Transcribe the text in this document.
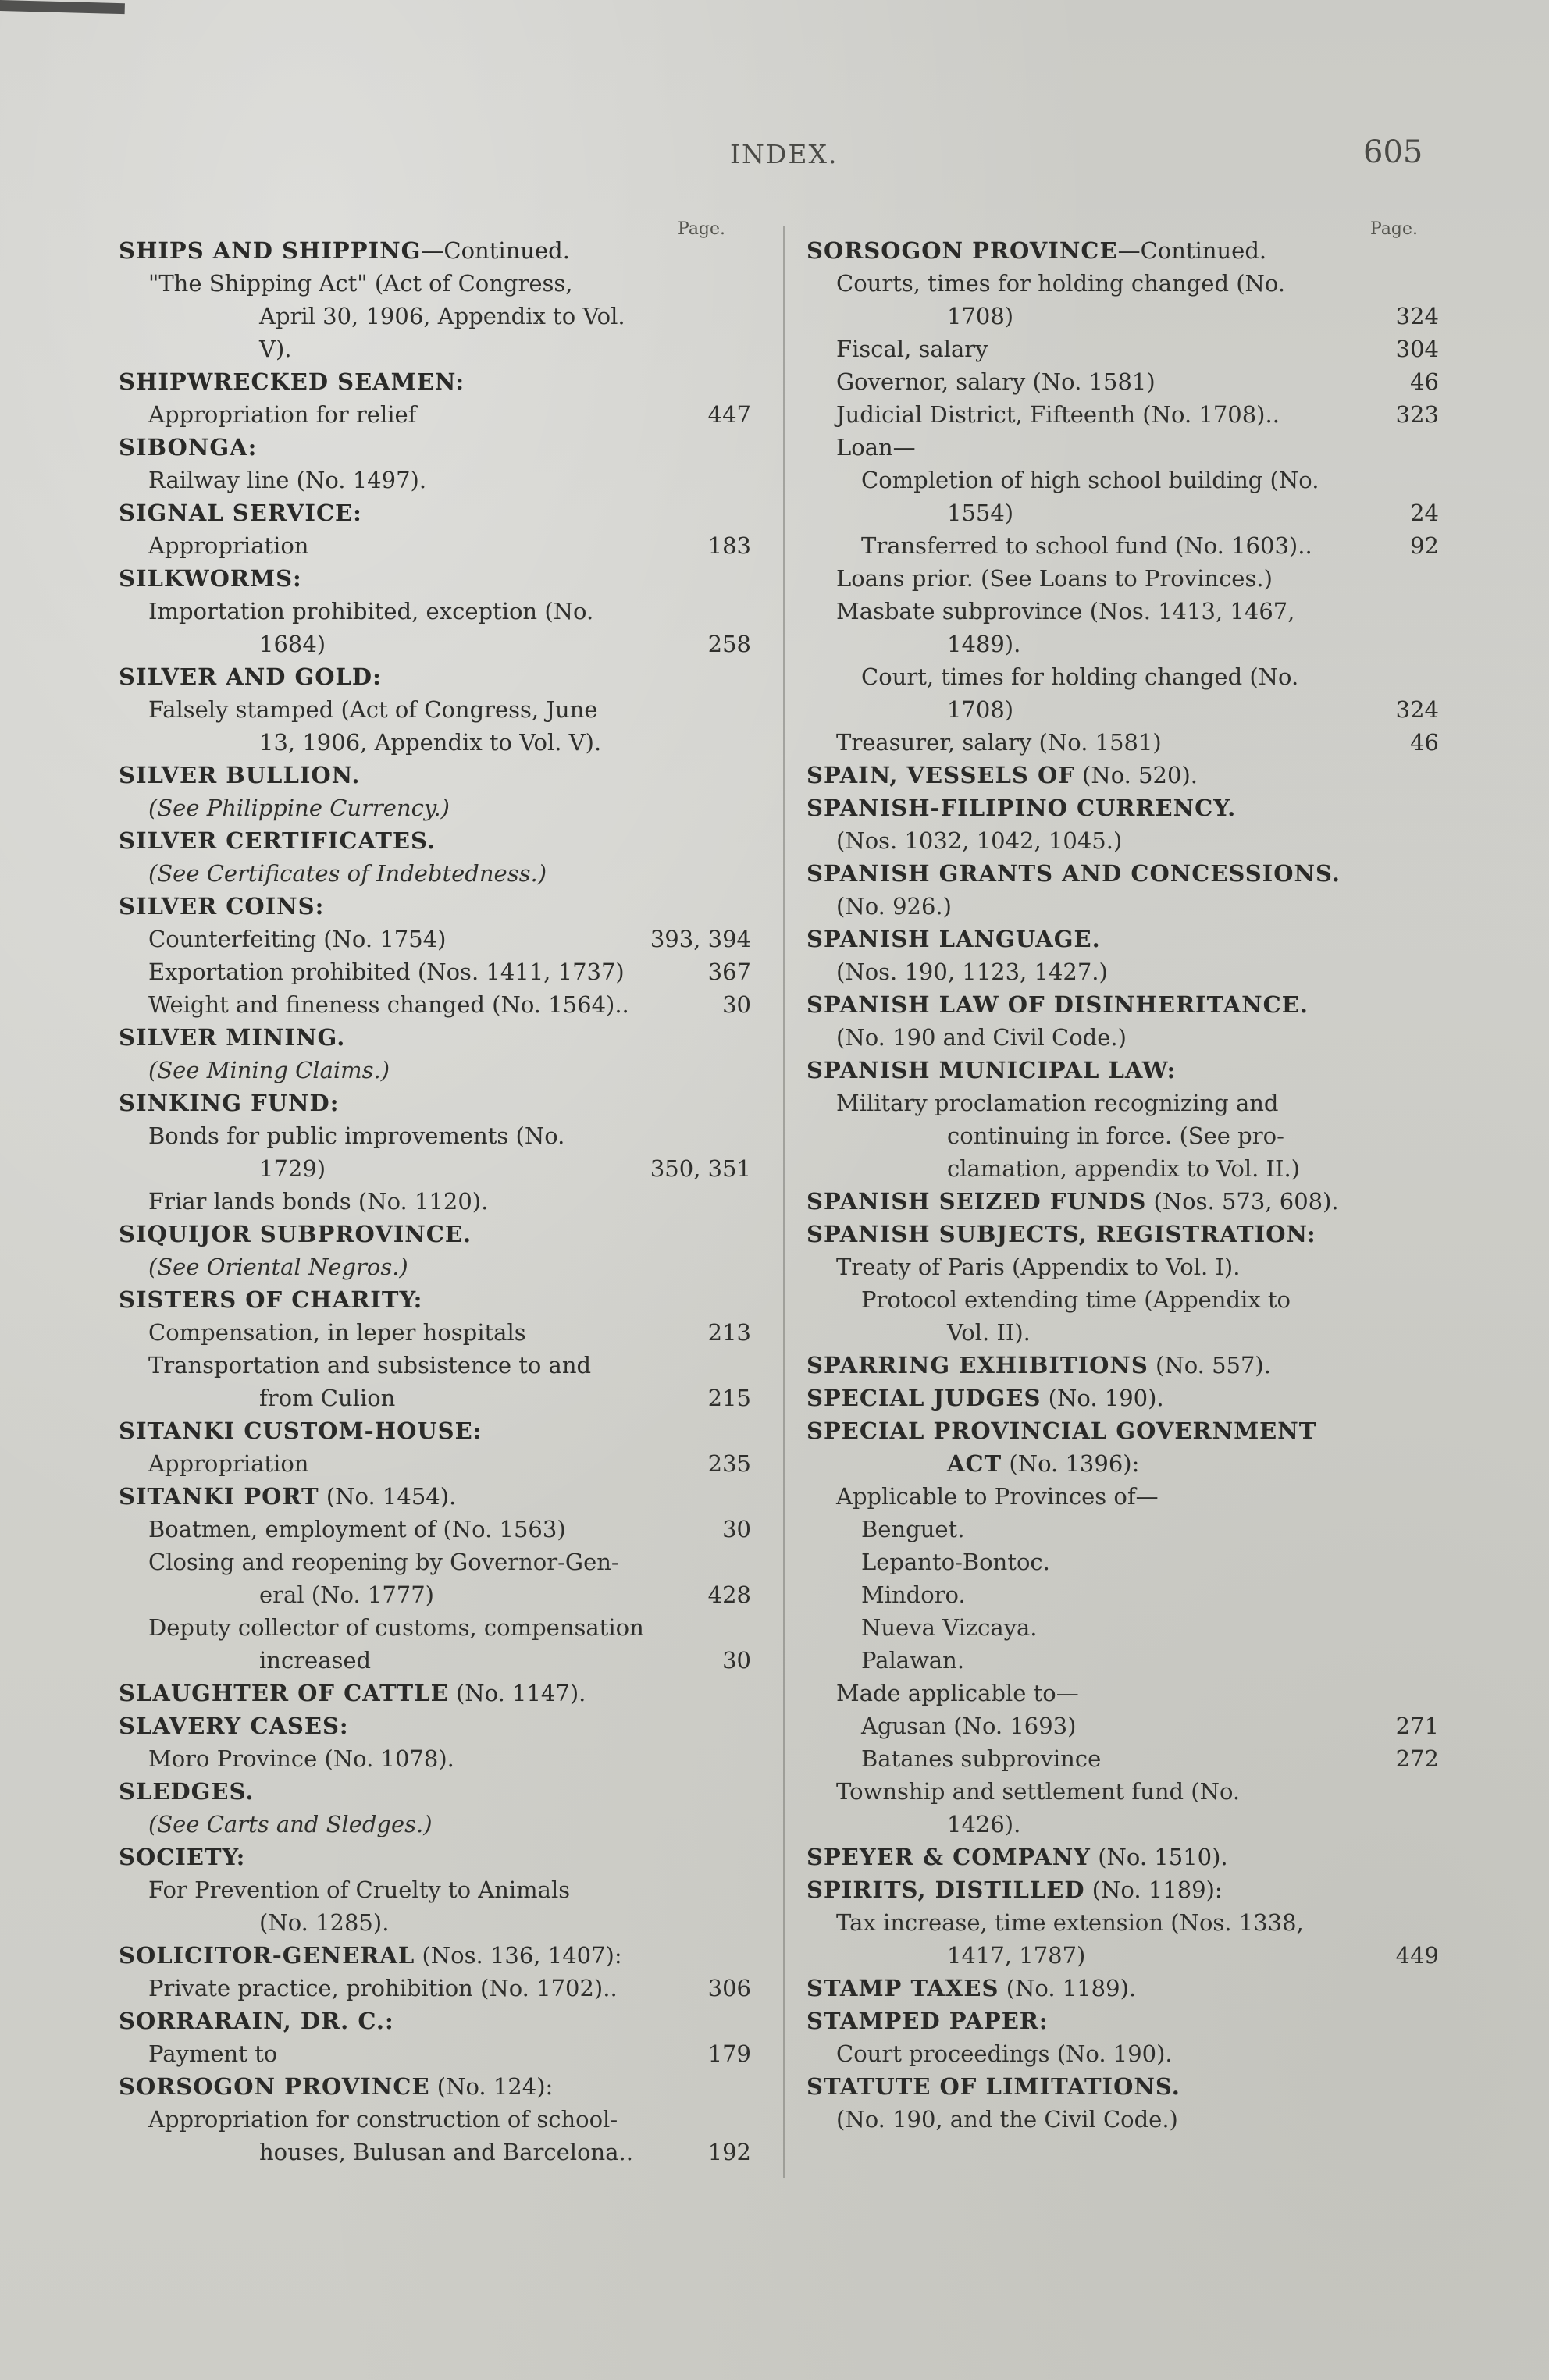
INDEX.	605
Page.	Page.
SHIPS AND SHIPPING—Continued.
"The Shipping Act" (Act of Congress,
April 30, 1906, Appendix to Vol.
V).
SHIPWRECKED SEAMEN:
Appropriation for relief	447
SIBONGA:
Railway line (No. 1497).
SIGNAL SERVICE:
Appropriation	183
SILKWORMS:
Importation prohibited, exception (No.
1684)	258
SILVER AND GOLD:
Falsely stamped (Act of Congress, June
13, 1906, Appendix to Vol. V).
SILVER BULLION.
(See Philippine Currency.)
SILVER CERTIFICATES.
(See Certificates of Indebtedness.)
SILVER COINS:
Counterfeiting (No. 1754)	393, 394
Exportation prohibited (Nos. 1411, 1737)	367
Weight and fineness changed (No. 1564)..	30
SILVER MINING.
(See Mining Claims.)
SINKING FUND:
Bonds for public improvements (No.
1729)	350, 351
Friar lands bonds (No. 1120).
SIQUIJOR SUBPROVINCE.
(See Oriental Negros.)
SISTERS OF CHARITY:
Compensation, in leper hospitals	213
Transportation and subsistence to and
from Culion	215
SITANKI CUSTOM-HOUSE:
Appropriation	235
SITANKI PORT (No. 1454).
Boatmen, employment of (No. 1563)	30
Closing and reopening by Governor-Gen-
eral (No. 1777)	428
Deputy collector of customs, compensation
increased	30
SLAUGHTER OF CATTLE (No. 1147).
SLAVERY CASES:
Moro Province (No. 1078).
SLEDGES.
(See Carts and Sledges.)
SOCIETY:
For Prevention of Cruelty to Animals
(No. 1285).
SOLICITOR-GENERAL (Nos. 136, 1407):
Private practice, prohibition (No. 1702)..	306
SORRARAIN, DR. C.:
Payment to	179
SORSOGON PROVINCE (No. 124):
Appropriation for construction of school-
houses, Bulusan and Barcelona..	192
SORSOGON PROVINCE—Continued.
Courts, times for holding changed (No.
1708)	324
Fiscal, salary	304
Governor, salary (No. 1581)	46
Judicial District, Fifteenth (No. 1708)..	323
Loan—
Completion of high school building (No.
1554)	24
Transferred to school fund (No. 1603)..	92
Loans prior. (See Loans to Provinces.)
Masbate subprovince (Nos. 1413, 1467,
1489).
Court, times for holding changed (No.
1708)	324
Treasurer, salary (No. 1581)	46
SPAIN, VESSELS OF (No. 520).
SPANISH-FILIPINO CURRENCY.
(Nos. 1032, 1042, 1045.)
SPANISH GRANTS AND CONCESSIONS.
(No. 926.)
SPANISH LANGUAGE.
(Nos. 190, 1123, 1427.)
SPANISH LAW OF DISINHERITANCE.
(No. 190 and Civil Code.)
SPANISH MUNICIPAL LAW:
Military proclamation recognizing and
continuing in force. (See pro-
clamation, appendix to Vol. II.)
SPANISH SEIZED FUNDS (Nos. 573, 608).
SPANISH SUBJECTS, REGISTRATION:
Treaty of Paris (Appendix to Vol. I).
Protocol extending time (Appendix to
Vol. II).
SPARRING EXHIBITIONS (No. 557).
SPECIAL JUDGES (No. 190).
SPECIAL PROVINCIAL GOVERNMENT
ACT (No. 1396):
Applicable to Provinces of—
Benguet.
Lepanto-Bontoc.
Mindoro.
Nueva Vizcaya.
Palawan.
Made applicable to—
Agusan (No. 1693)	271
Batanes subprovince	272
Township and settlement fund (No.
1426).
SPEYER & COMPANY (No. 1510).
SPIRITS, DISTILLED (No. 1189):
Tax increase, time extension (Nos. 1338,
1417, 1787)	449
STAMP TAXES (No. 1189).
STAMPED PAPER:
Court proceedings (No. 190).
STATUTE OF LIMITATIONS.
(No. 190, and the Civil Code.)
